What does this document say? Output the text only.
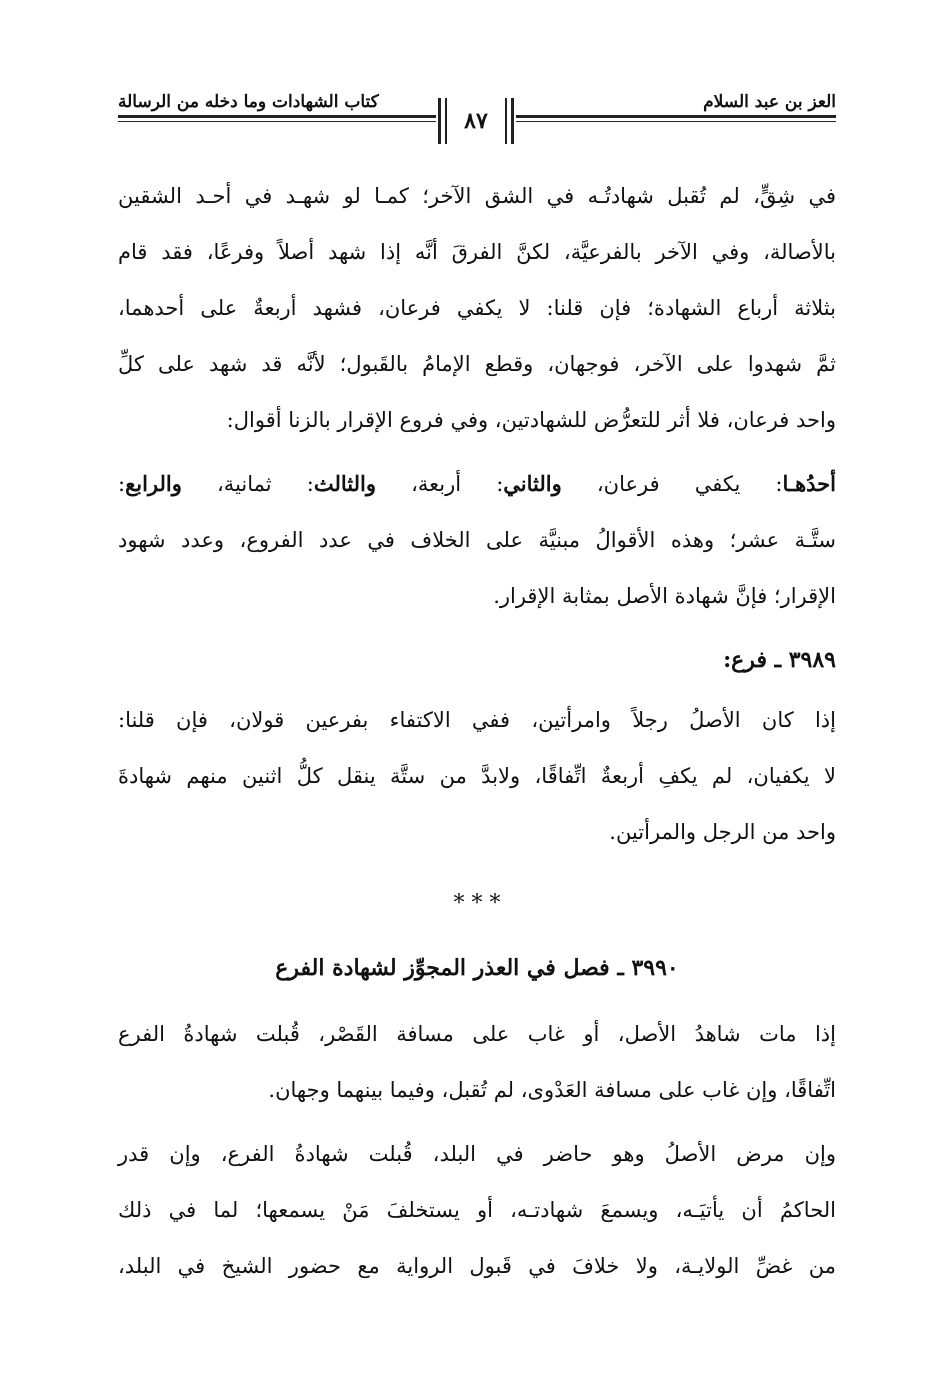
العز بن عبد السلام
كتاب الشهادات وما دخله من الرسالة
٨٧
في شِقٍّ، لم تُقبل شهادتُـه في الشق الآخر؛ كمـا لو شهـد في أحـد الشقين
بالأصالة، وفي الآخر بالفرعيَّة، لكنَّ الفرقَ أنَّه إذا شهد أصلاً وفرعًا، فقد قام
بثلاثة أرباع الشهادة؛ فإن قلنا: لا يكفي فرعان، فشهد أربعةٌ على أحدهما،
ثمَّ شهدوا على الآخر، فوجهان، وقطع الإمامُ بالقَبول؛ لأنَّه قد شهد على كلِّ
واحد فرعان، فلا أثر للتعرُّض للشهادتين، وفي فروع الإقرار بالزنا أقوال:
أحدُهـا: يكفي فرعان، والثاني: أربعة، والثالث: ثمانية، والرابع:
ستَّـة عشر؛ وهذه الأقوالُ مبنيَّة على الخلاف في عدد الفروع، وعدد شهود
الإقرار؛ فإنَّ شهادة الأصل بمثابة الإقرار.
٣٩٨٩ ـ فرع:
إذا كان الأصلُ رجلاً وامرأتين، ففي الاكتفاء بفرعين قولان، فإن قلنا:
لا يكفيان، لم يكفِ أربعةٌ اتِّفاقًا، ولابدَّ من ستَّة ينقل كلُّ اثنين منهم شهادةَ
واحد من الرجل والمرأتين.
* * *
٣٩٩٠ ـ فصل في العذر المجوِّز لشهادة الفرع
إذا مات شاهدُ الأصل، أو غاب على مسافة القَصْر، قُبلت شهادةُ الفرع
اتِّفاقًا، وإن غاب على مسافة العَدْوى، لم تُقبل، وفيما بينهما وجهان.
وإن مرض الأصلُ وهو حاضر في البلد، قُبلت شهادةُ الفرع، وإن قدر
الحاكمُ أن يأتيَـه، ويسمعَ شهادتـه، أو يستخلفَ مَنْ يسمعها؛ لما في ذلك
من غضِّ الولايـة، ولا خلافَ في قَبول الرواية مع حضور الشيخ في البلد،
